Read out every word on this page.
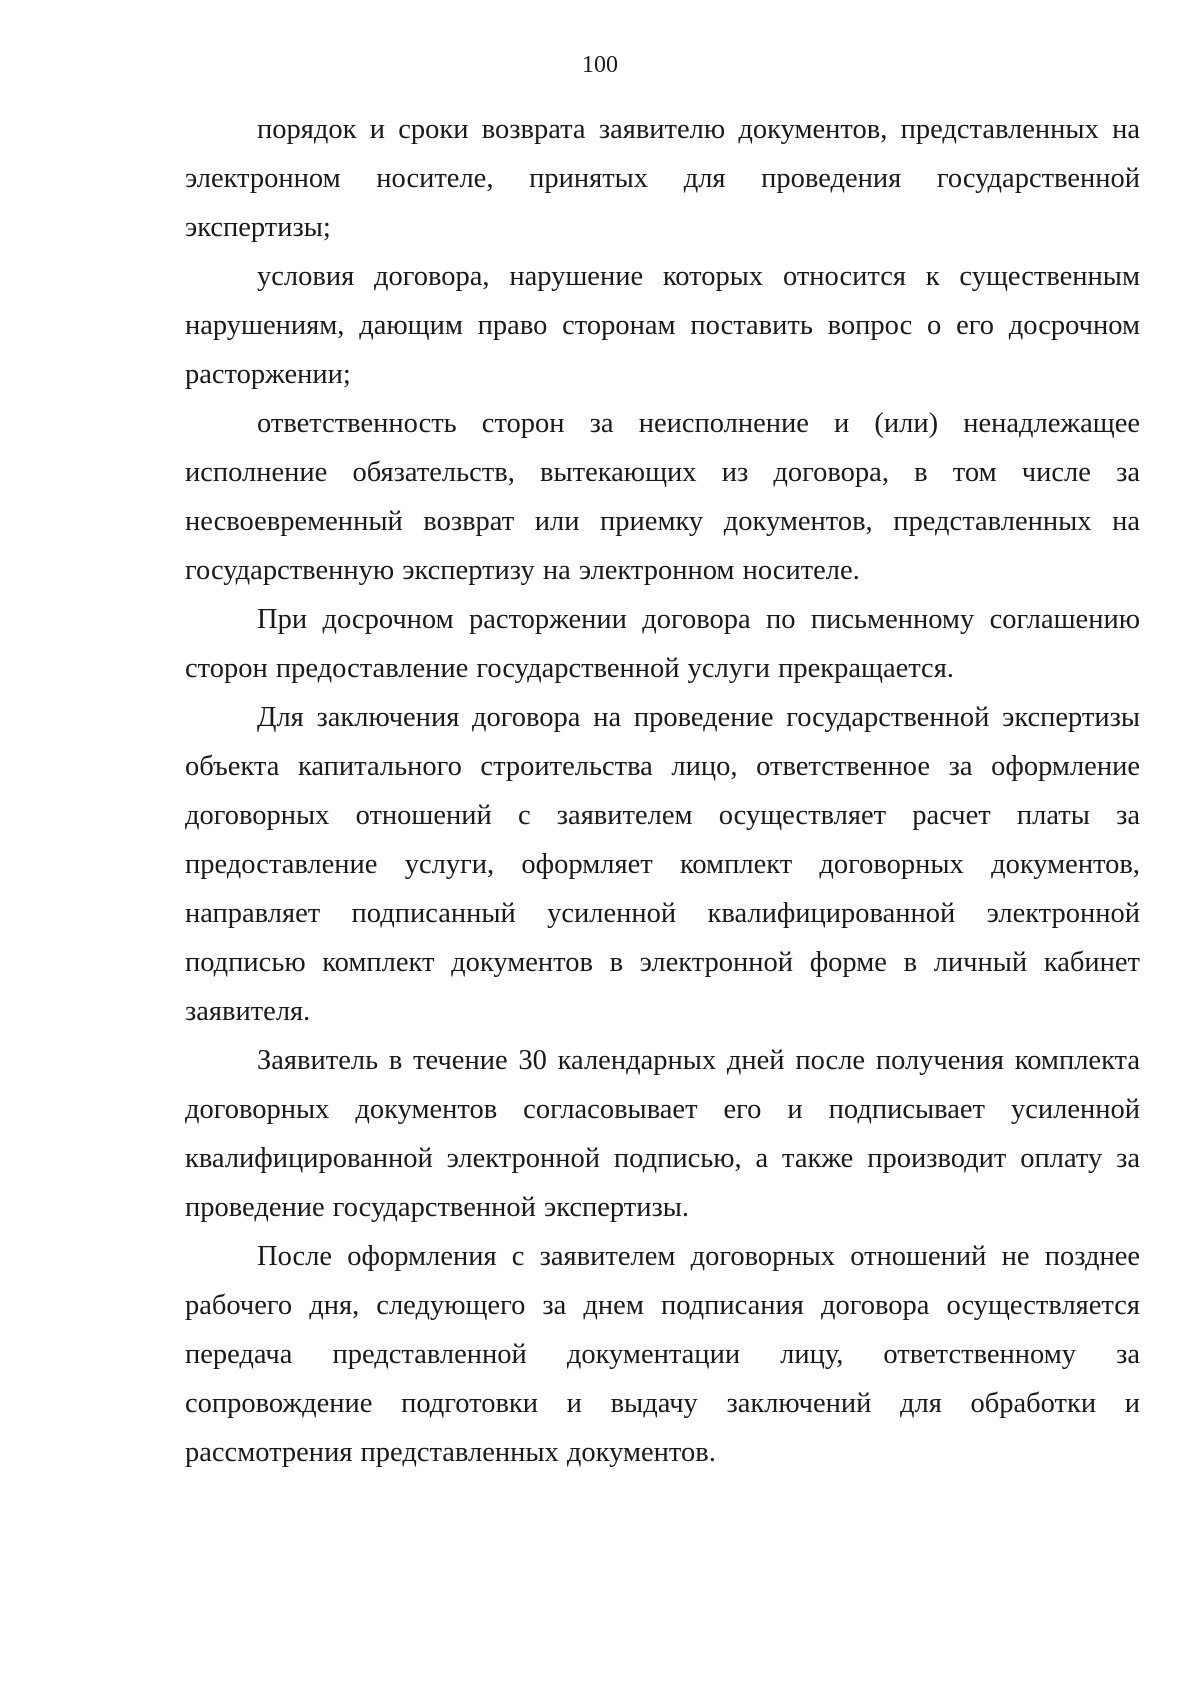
100

порядок и сроки возврата заявителю документов, представленных на электронном носителе, принятых для проведения государственной экспертизы;

условия договора, нарушение которых относится к существенным нарушениям, дающим право сторонам поставить вопрос о его досрочном расторжении;

ответственность сторон за неисполнение и (или) ненадлежащее исполнение обязательств, вытекающих из договора, в том числе за несвоевременный возврат или приемку документов, представленных на государственную экспертизу на электронном носителе.

При досрочном расторжении договора по письменному соглашению сторон предоставление государственной услуги прекращается.

Для заключения договора на проведение государственной экспертизы объекта капитального строительства лицо, ответственное за оформление договорных отношений с заявителем осуществляет расчет платы за предоставление услуги, оформляет комплект договорных документов, направляет подписанный усиленной квалифицированной электронной подписью комплект документов в электронной форме в личный кабинет заявителя.

Заявитель в течение 30 календарных дней после получения комплекта договорных документов согласовывает его и подписывает усиленной квалифицированной электронной подписью, а также производит оплату за проведение государственной экспертизы.

После оформления с заявителем договорных отношений не позднее рабочего дня, следующего за днем подписания договора осуществляется передача представленной документации лицу, ответственному за сопровождение подготовки и выдачу заключений для обработки и рассмотрения представленных документов.
